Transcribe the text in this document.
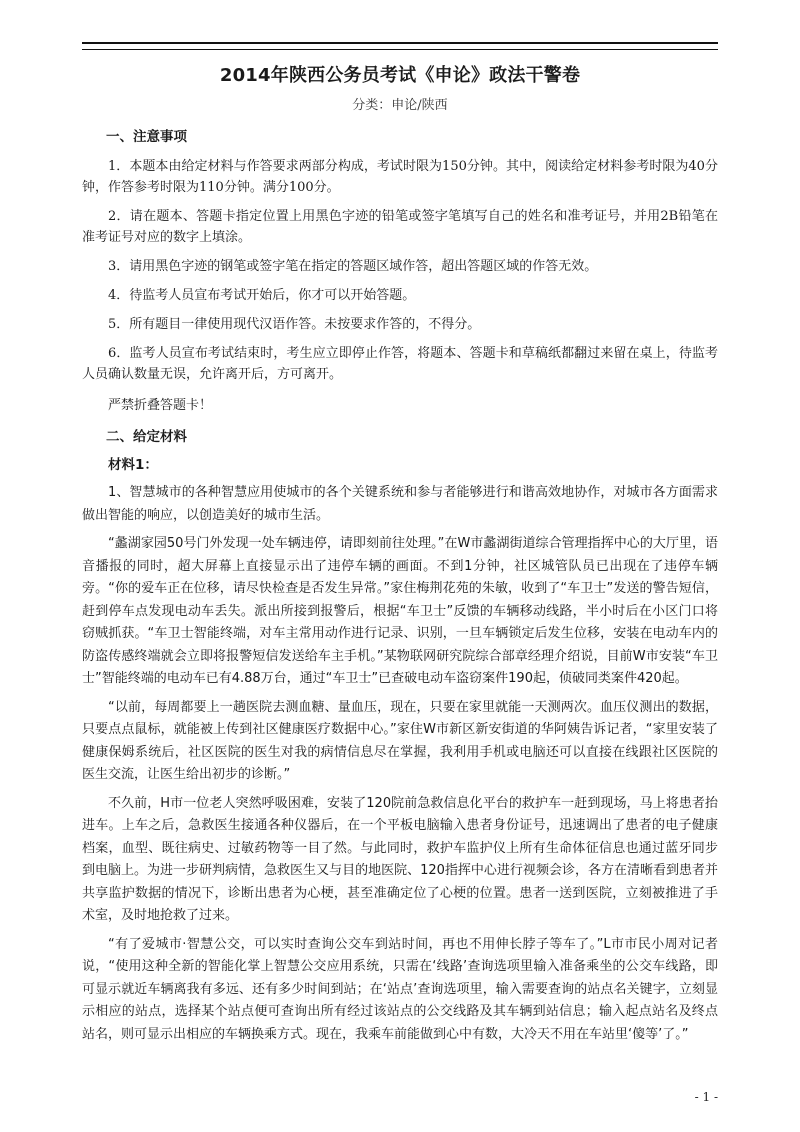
2014年陕西公务员考试《申论》政法干警卷

分类：申论/陕西

一、注意事项

1．本题本由给定材料与作答要求两部分构成，考试时限为150分钟。其中，阅读给定材料参考时限为40分钟，作答参考时限为110分钟。满分100分。

2．请在题本、答题卡指定位置上用黑色字迹的铅笔或签字笔填写自己的姓名和准考证号，并用2B铅笔在准考证号对应的数字上填涂。

3．请用黑色字迹的钢笔或签字笔在指定的答题区域作答，超出答题区域的作答无效。

4．待监考人员宣布考试开始后，你才可以开始答题。

5．所有题目一律使用现代汉语作答。未按要求作答的，不得分。

6．监考人员宣布考试结束时，考生应立即停止作答，将题本、答题卡和草稿纸都翻过来留在桌上，待监考人员确认数量无误，允许离开后，方可离开。

严禁折叠答题卡！

二、给定材料
材料1：

1、智慧城市的各种智慧应用使城市的各个关键系统和参与者能够进行和谐高效地协作，对城市各方面需求做出智能的响应，以创造美好的城市生活。

“蠡湖家园50号门外发现一处车辆违停，请即刻前往处理。”在W市蠡湖街道综合管理指挥中心的大厅里，语音播报的同时，超大屏幕上直接显示出了违停车辆的画面。不到1分钟，社区城管队员已出现在了违停车辆旁。“你的爱车正在位移，请尽快检查是否发生异常。”家住梅荆花苑的朱敏，收到了“车卫士”发送的警告短信，赶到停车点发现电动车丢失。派出所接到报警后，根据“车卫士”反馈的车辆移动线路，半小时后在小区门口将窃贼抓获。“车卫士智能终端，对车主常用动作进行记录、识别，一旦车辆锁定后发生位移，安装在电动车内的防盗传感终端就会立即将报警短信发送给车主手机。”某物联网研究院综合部章经理介绍说，目前W市安装“车卫士”智能终端的电动车已有4.88万台，通过“车卫士”已查破电动车盗窃案件190起，侦破同类案件420起。

“以前，每周都要上一趟医院去测血糖、量血压，现在，只要在家里就能一天测两次。血压仪测出的数据，只要点点鼠标，就能被上传到社区健康医疗数据中心。”家住W市新区新安街道的华阿姨告诉记者，“家里安装了健康保姆系统后，社区医院的医生对我的病情信息尽在掌握，我利用手机或电脑还可以直接在线跟社区医院的医生交流，让医生给出初步的诊断。”

不久前，H市一位老人突然呼吸困难，安装了120院前急救信息化平台的救护车一赶到现场，马上将患者抬进车。上车之后，急救医生接通各种仪器后，在一个平板电脑输入患者身份证号，迅速调出了患者的电子健康档案，血型、既往病史、过敏药物等一目了然。与此同时，救护车监护仪上所有生命体征信息也通过蓝牙同步到电脑上。为进一步研判病情，急救医生又与目的地医院、120指挥中心进行视频会诊，各方在清晰看到患者并共享监护数据的情况下，诊断出患者为心梗，甚至准确定位了心梗的位置。患者一送到医院，立刻被推进了手术室，及时地抢救了过来。

“有了爱城市·智慧公交，可以实时查询公交车到站时间，再也不用伸长脖子等车了。”L市市民小周对记者说，“使用这种全新的智能化掌上智慧公交应用系统，只需在‘线路’查询选项里输入准备乘坐的公交车线路，即可显示就近车辆离我有多远、还有多少时间到站；在‘站点’查询选项里，输入需要查询的站点名关键字，立刻显示相应的站点，选择某个站点便可查询出所有经过该站点的公交线路及其车辆到站信息；输入起点站名及终点站名，则可显示出相应的车辆换乘方式。现在，我乘车前能做到心中有数，大冷天不用在车站里‘傻等’了。”

- 1 -
